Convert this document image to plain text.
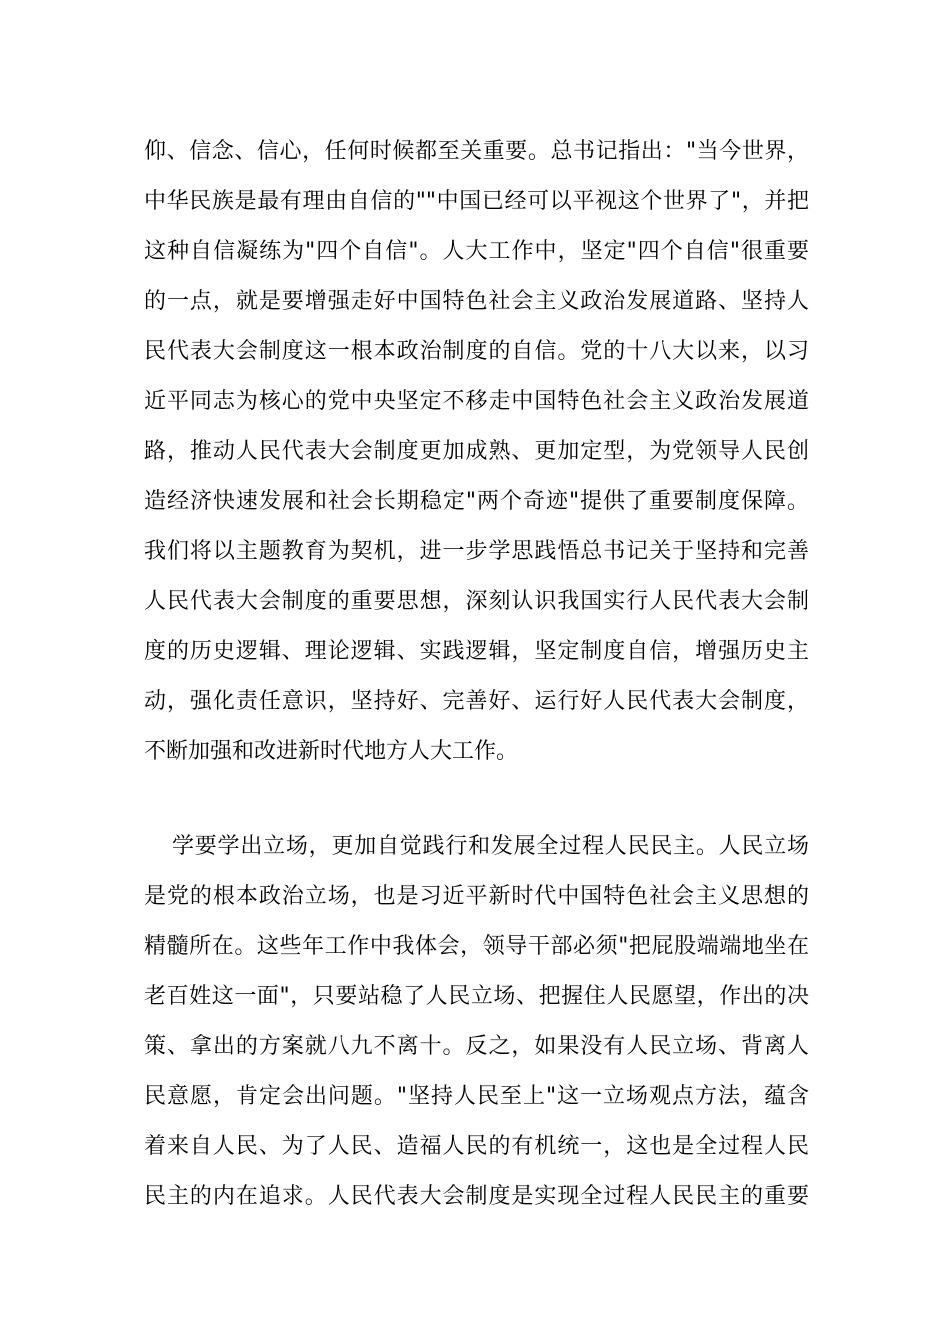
仰、信念、信心，任何时候都至关重要。总书记指出："当今世界，
中华民族是最有理由自信的""中国已经可以平视这个世界了"，并把
这种自信凝练为"四个自信"。人大工作中，坚定"四个自信"很重要
的一点，就是要增强走好中国特色社会主义政治发展道路、坚持人
民代表大会制度这一根本政治制度的自信。党的十八大以来，以习
近平同志为核心的党中央坚定不移走中国特色社会主义政治发展道
路，推动人民代表大会制度更加成熟、更加定型，为党领导人民创
造经济快速发展和社会长期稳定"两个奇迹"提供了重要制度保障。
我们将以主题教育为契机，进一步学思践悟总书记关于坚持和完善
人民代表大会制度的重要思想，深刻认识我国实行人民代表大会制
度的历史逻辑、理论逻辑、实践逻辑，坚定制度自信，增强历史主
动，强化责任意识，坚持好、完善好、运行好人民代表大会制度，
不断加强和改进新时代地方人大工作。
学要学出立场，更加自觉践行和发展全过程人民民主。人民立场
是党的根本政治立场，也是习近平新时代中国特色社会主义思想的
精髓所在。这些年工作中我体会，领导干部必须"把屁股端端地坐在
老百姓这一面"，只要站稳了人民立场、把握住人民愿望，作出的决
策、拿出的方案就八九不离十。反之，如果没有人民立场、背离人
民意愿，肯定会出问题。"坚持人民至上"这一立场观点方法，蕴含
着来自人民、为了人民、造福人民的有机统一，这也是全过程人民
民主的内在追求。人民代表大会制度是实现全过程人民民主的重要
